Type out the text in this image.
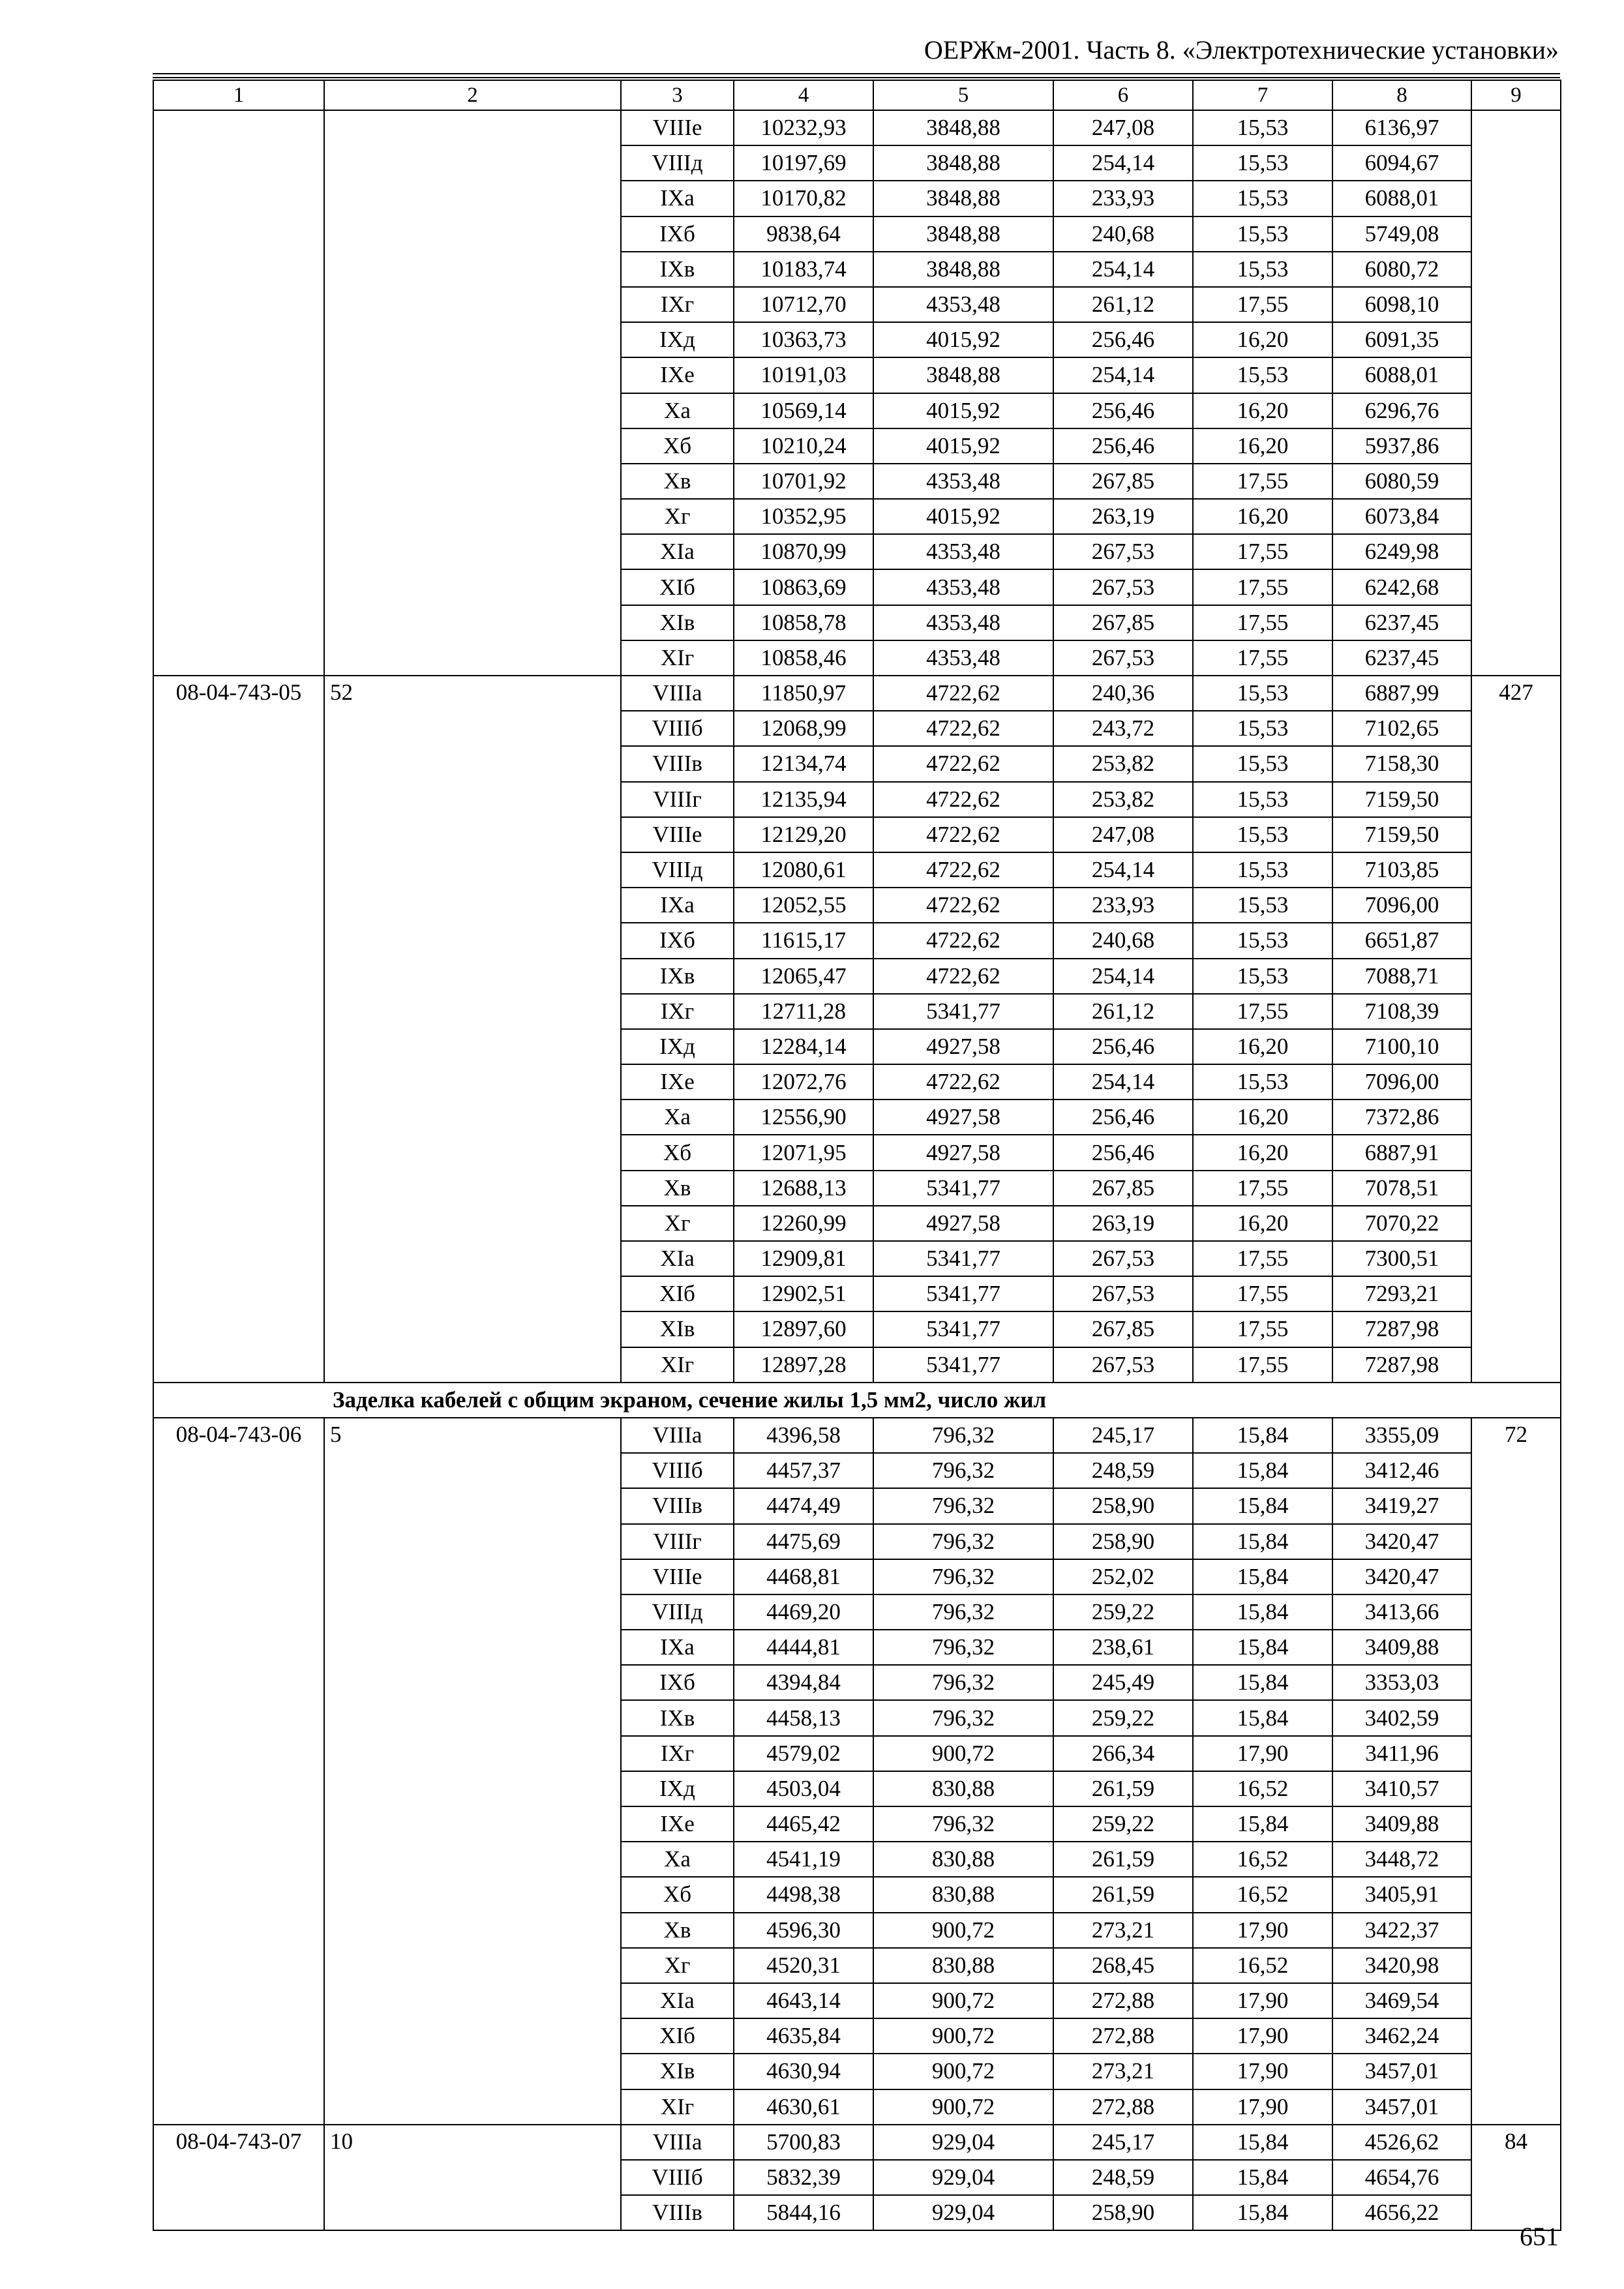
ОЕРЖм-2001. Часть 8. «Электротехнические установки»
1	2	3	4	5	6	7	8	9
		VIIIе	10232,93	3848,88	247,08	15,53	6136,97	
		VIIIд	10197,69	3848,88	254,14	15,53	6094,67	
		IXа	10170,82	3848,88	233,93	15,53	6088,01	
		IXб	9838,64	3848,88	240,68	15,53	5749,08	
		IXв	10183,74	3848,88	254,14	15,53	6080,72	
		IXг	10712,70	4353,48	261,12	17,55	6098,10	
		IXд	10363,73	4015,92	256,46	16,20	6091,35	
		IXе	10191,03	3848,88	254,14	15,53	6088,01	
		Xа	10569,14	4015,92	256,46	16,20	6296,76	
		Xб	10210,24	4015,92	256,46	16,20	5937,86	
		Xв	10701,92	4353,48	267,85	17,55	6080,59	
		Xг	10352,95	4015,92	263,19	16,20	6073,84	
		XIа	10870,99	4353,48	267,53	17,55	6249,98	
		XIб	10863,69	4353,48	267,53	17,55	6242,68	
		XIв	10858,78	4353,48	267,85	17,55	6237,45	
		XIг	10858,46	4353,48	267,53	17,55	6237,45	
08-04-743-05	52	VIIIа	11850,97	4722,62	240,36	15,53	6887,99	427
		VIIIб	12068,99	4722,62	243,72	15,53	7102,65	
		VIIIв	12134,74	4722,62	253,82	15,53	7158,30	
		VIIIг	12135,94	4722,62	253,82	15,53	7159,50	
		VIIIе	12129,20	4722,62	247,08	15,53	7159,50	
		VIIIд	12080,61	4722,62	254,14	15,53	7103,85	
		IXа	12052,55	4722,62	233,93	15,53	7096,00	
		IXб	11615,17	4722,62	240,68	15,53	6651,87	
		IXв	12065,47	4722,62	254,14	15,53	7088,71	
		IXг	12711,28	5341,77	261,12	17,55	7108,39	
		IXд	12284,14	4927,58	256,46	16,20	7100,10	
		IXе	12072,76	4722,62	254,14	15,53	7096,00	
		Xа	12556,90	4927,58	256,46	16,20	7372,86	
		Xб	12071,95	4927,58	256,46	16,20	6887,91	
		Xв	12688,13	5341,77	267,85	17,55	7078,51	
		Xг	12260,99	4927,58	263,19	16,20	7070,22	
		XIа	12909,81	5341,77	267,53	17,55	7300,51	
		XIб	12902,51	5341,77	267,53	17,55	7293,21	
		XIв	12897,60	5341,77	267,85	17,55	7287,98	
		XIг	12897,28	5341,77	267,53	17,55	7287,98	
Заделка кабелей с общим экраном, сечение жилы 1,5 мм2, число жил								
08-04-743-06	5	VIIIа	4396,58	796,32	245,17	15,84	3355,09	72
		VIIIб	4457,37	796,32	248,59	15,84	3412,46	
		VIIIв	4474,49	796,32	258,90	15,84	3419,27	
		VIIIг	4475,69	796,32	258,90	15,84	3420,47	
		VIIIе	4468,81	796,32	252,02	15,84	3420,47	
		VIIIд	4469,20	796,32	259,22	15,84	3413,66	
		IXа	4444,81	796,32	238,61	15,84	3409,88	
		IXб	4394,84	796,32	245,49	15,84	3353,03	
		IXв	4458,13	796,32	259,22	15,84	3402,59	
		IXг	4579,02	900,72	266,34	17,90	3411,96	
		IXд	4503,04	830,88	261,59	16,52	3410,57	
		IXе	4465,42	796,32	259,22	15,84	3409,88	
		Xа	4541,19	830,88	261,59	16,52	3448,72	
		Xб	4498,38	830,88	261,59	16,52	3405,91	
		Xв	4596,30	900,72	273,21	17,90	3422,37	
		Xг	4520,31	830,88	268,45	16,52	3420,98	
		XIа	4643,14	900,72	272,88	17,90	3469,54	
		XIб	4635,84	900,72	272,88	17,90	3462,24	
		XIв	4630,94	900,72	273,21	17,90	3457,01	
		XIг	4630,61	900,72	272,88	17,90	3457,01	
08-04-743-07	10	VIIIа	5700,83	929,04	245,17	15,84	4526,62	84
		VIIIб	5832,39	929,04	248,59	15,84	4654,76	
		VIIIв	5844,16	929,04	258,90	15,84	4656,22	
651
